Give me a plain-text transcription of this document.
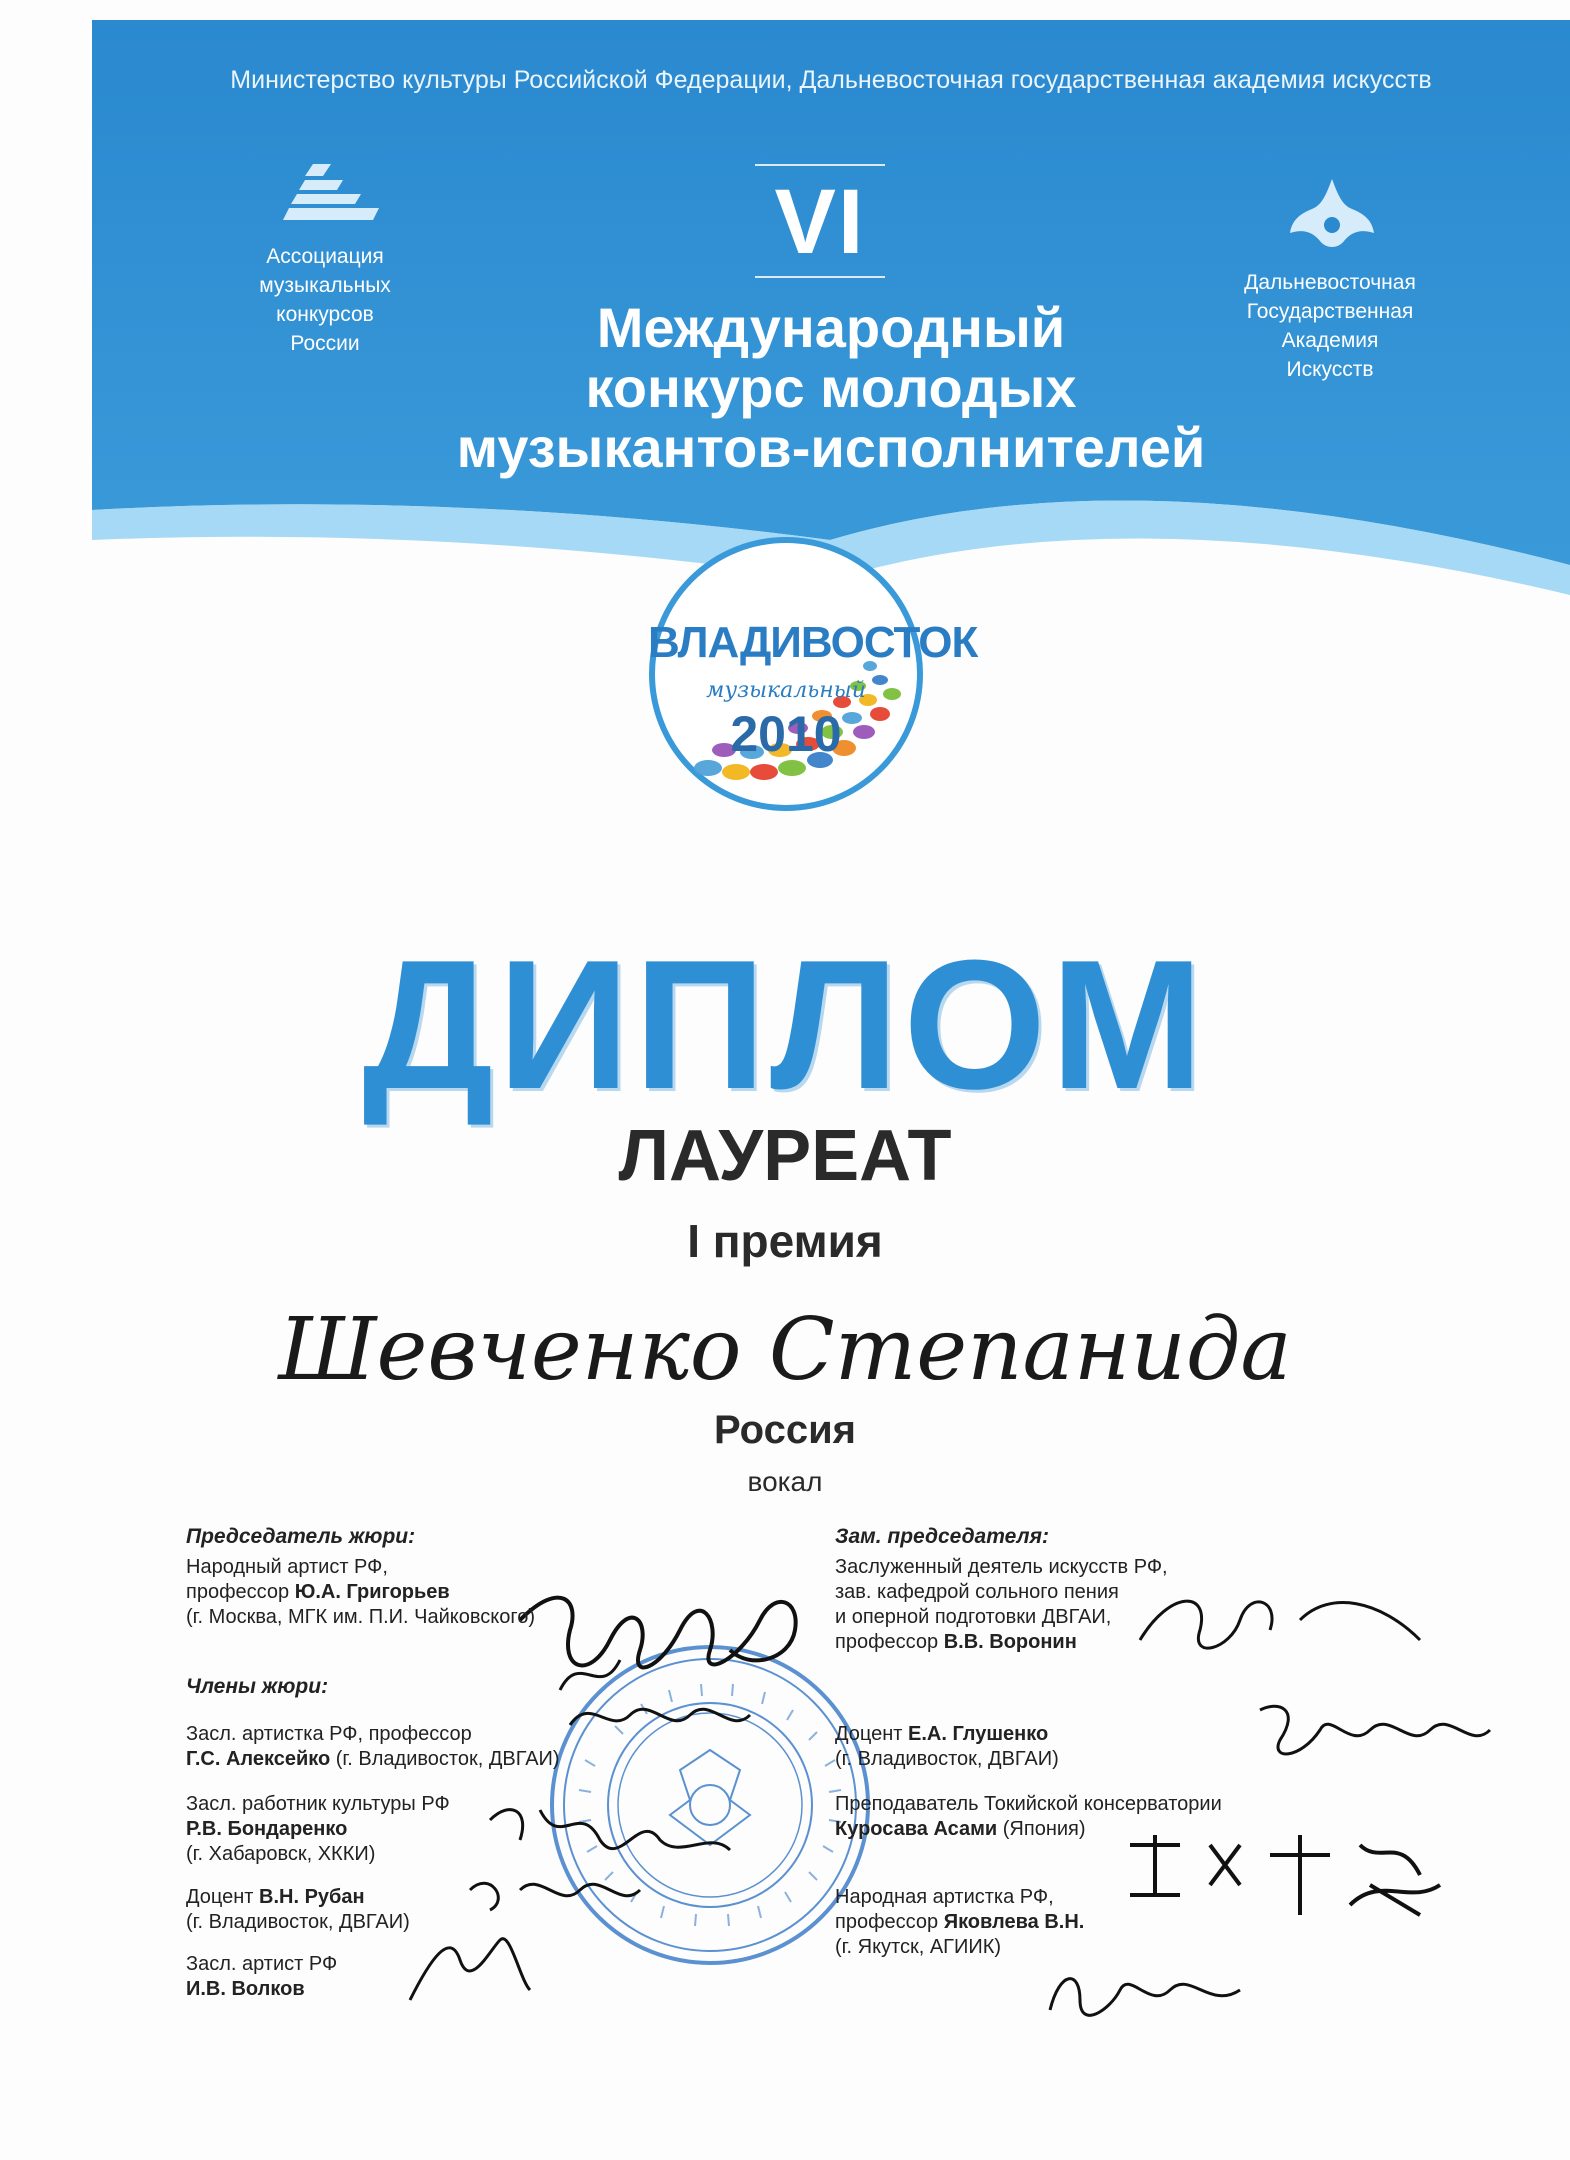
Министерство культуры Российской Федерации, Дальневосточная государственная академия искусств
Ассоциация
музыкальных
конкурсов
России
Дальневосточная
Государственная
Академия
Искусств
VI
Международный
конкурс молодых
музыкантов-исполнителей
ВЛАДИВОСТОК
музыкальный
2010
ДИПЛОМ
ЛАУРЕАТ
I премия
Шевченко Степанида
Россия
вокал
Председатель жюри:
Народный артист РФ,
профессор Ю.А. Григорьев
(г. Москва, МГК им. П.И. Чайковского)
Зам. председателя:
Заслуженный деятель искусств РФ,
зав. кафедрой сольного пения
и оперной подготовки ДВГАИ,
профессор В.В. Воронин
Члены жюри:
Засл. артистка РФ, профессор
Г.С. Алексейко (г. Владивосток, ДВГАИ)
Засл. работник культуры РФ
Р.В. Бондаренко
(г. Хабаровск, ХККИ)
Доцент В.Н. Рубан
(г. Владивосток, ДВГАИ)
Засл. артист РФ
И.В. Волков
Доцент Е.А. Глушенко
(г. Владивосток, ДВГАИ)
Преподаватель Токийской консерватории
Куросава Асами (Япония)
Народная артистка РФ,
профессор Яковлева В.Н.
(г. Якутск, АГИИК)
